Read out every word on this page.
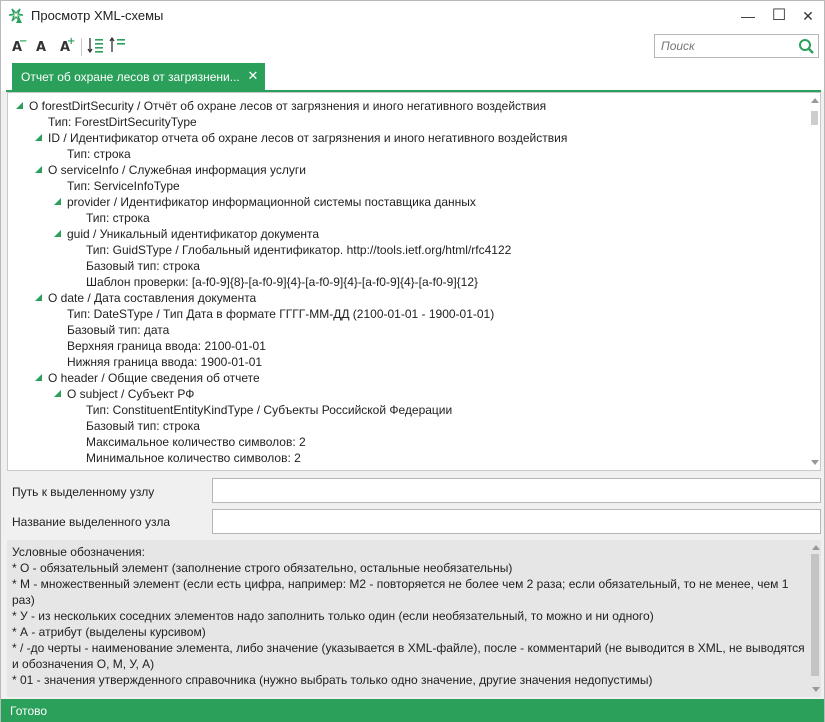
Просмотр XML-схемы	—	☐	✕
A
− A	A
+
Поиск
Отчет об охране лесов от загрязнени... ✕
О forestDirtSecurity / Отчёт об охране лесов от загрязнения и иного негативного воздействия
Тип: ForestDirtSecurityType
ID / Идентификатор отчета об охране лесов от загрязнения и иного негативного воздействия
Тип: строка
О serviceInfo / Служебная информация услуги
Тип: ServiceInfoType
provider / Идентификатор информационной системы поставщика данных
Тип: строка
guid / Уникальный идентификатор документа
Тип: GuidSType / Глобальный идентификатор. http://tools.ietf.org/html/rfc4122
Базовый тип: строка
Шаблон проверки: [a-f0-9]{8}-[a-f0-9]{4}-[a-f0-9]{4}-[a-f0-9]{4}-[a-f0-9]{12}
О date / Дата составления документа
Тип: DateSType / Тип Дата в формате ГГГГ-ММ-ДД (2100-01-01 - 1900-01-01)
Базовый тип: дата
Верхняя граница ввода: 2100-01-01
Нижняя граница ввода: 1900-01-01
О header / Общие сведения об отчете
О subject / Субъект РФ
Тип: ConstituentEntityKindType / Субъекты Российской Федерации
Базовый тип: строка
Максимальное количество символов: 2
Минимальное количество символов: 2
Путь к выделенному узлу
Название выделенного узла
Условные обозначения:
* О - обязательный элемент (заполнение строго обязательно, остальные необязательны)
* М - множественный элемент (если есть цифра, например: М2 - повторяется не более чем 2 раза; если обязательный, то не менее, чем 1
раз)
* У - из нескольких соседних элементов надо заполнить только один (если необязательный, то можно и ни одного)
* А - атрибут (выделены курсивом)
* / -до черты - наименование элемента, либо значение (указывается в XML-файле), после - комментарий (не выводится в XML, не выводятся
и обозначения О, М, У, А)
* 01 - значения утвержденного справочника (нужно выбрать только одно значение, другие значения недопустимы)
Готово
